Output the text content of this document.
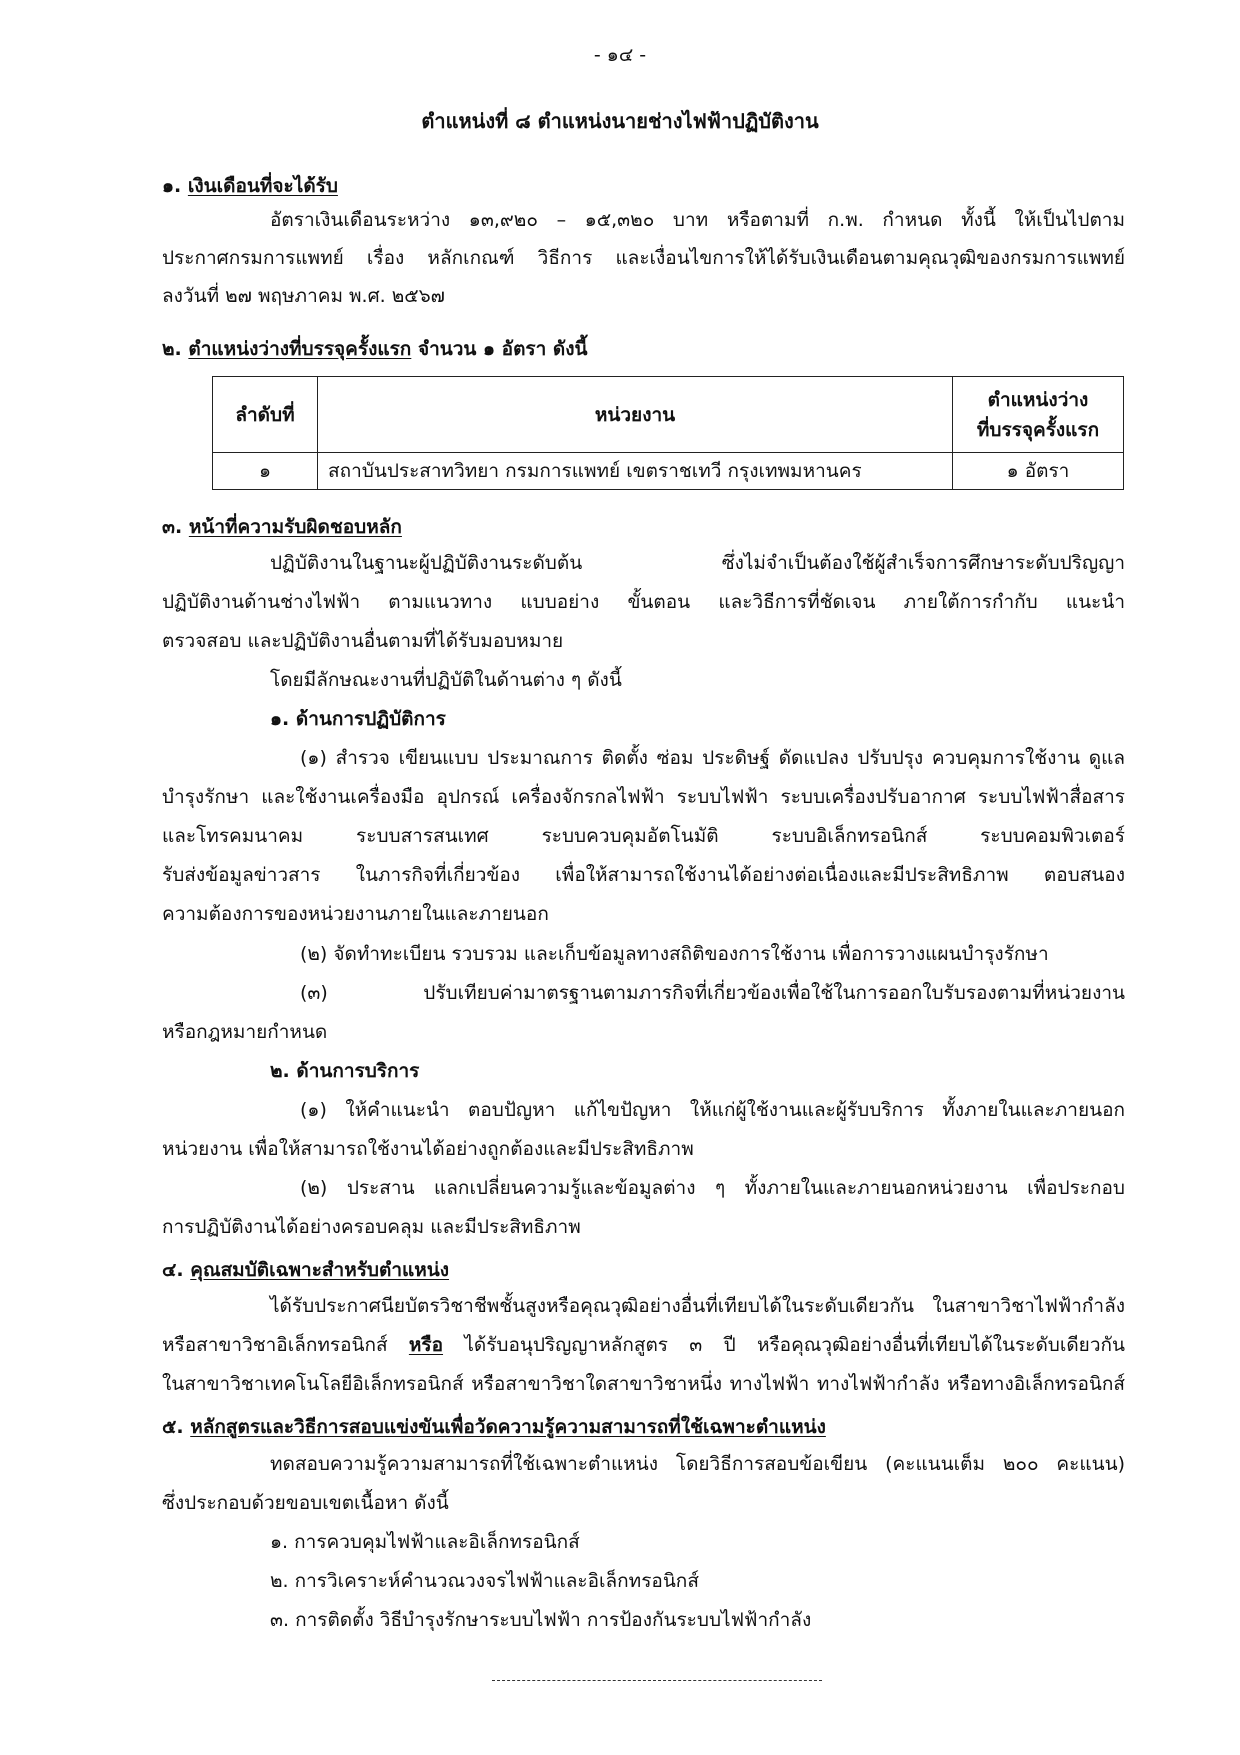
- ๑๔ -
ตำแหน่งที่ ๘ ตำแหน่งนายช่างไฟฟ้าปฏิบัติงาน
๑. เงินเดือนที่จะได้รับ
อัตราเงินเดือนระหว่าง ๑๓,๙๒๐ – ๑๕,๓๒๐ บาท หรือตามที่ ก.พ. กำหนด ทั้งนี้ ให้เป็นไปตาม
ประกาศกรมการแพทย์ เรื่อง หลักเกณฑ์ วิธีการ และเงื่อนไขการให้ได้รับเงินเดือนตามคุณวุฒิของกรมการแพทย์
ลงวันที่ ๒๗ พฤษภาคม พ.ศ. ๒๕๖๗
๒. ตำแหน่งว่างที่บรรจุครั้งแรก จำนวน ๑ อัตรา ดังนี้
ลำดับที่	หน่วยงาน	ตำแหน่งว่าง
ที่บรรจุครั้งแรก

๑	สถาบันประสาทวิทยา กรมการแพทย์ เขตราชเทวี กรุงเทพมหานคร	๑ อัตรา
๓. หน้าที่ความรับผิดชอบหลัก
ปฏิบัติงานในฐานะผู้ปฏิบัติงานระดับต้น ซึ่งไม่จำเป็นต้องใช้ผู้สำเร็จการศึกษาระดับปริญญา
ปฏิบัติงานด้านช่างไฟฟ้า ตามแนวทาง แบบอย่าง ขั้นตอน และวิธีการที่ชัดเจน ภายใต้การกำกับ แนะนำ
ตรวจสอบ และปฏิบัติงานอื่นตามที่ได้รับมอบหมาย
โดยมีลักษณะงานที่ปฏิบัติในด้านต่าง ๆ ดังนี้
๑. ด้านการปฏิบัติการ
(๑) สำรวจ เขียนแบบ ประมาณการ ติดตั้ง ซ่อม ประดิษฐ์ ดัดแปลง ปรับปรุง ควบคุมการใช้งาน ดูแล
บำรุงรักษา และใช้งานเครื่องมือ อุปกรณ์ เครื่องจักรกลไฟฟ้า ระบบไฟฟ้า ระบบเครื่องปรับอากาศ ระบบไฟฟ้าสื่อสาร
และโทรคมนาคม ระบบสารสนเทศ ระบบควบคุมอัตโนมัติ ระบบอิเล็กทรอนิกส์ ระบบคอมพิวเตอร์
รับส่งข้อมูลข่าวสาร ในภารกิจที่เกี่ยวข้อง เพื่อให้สามารถใช้งานได้อย่างต่อเนื่องและมีประสิทธิภาพ ตอบสนอง
ความต้องการของหน่วยงานภายในและภายนอก
(๒) จัดทำทะเบียน รวบรวม และเก็บข้อมูลทางสถิติของการใช้งาน เพื่อการวางแผนบำรุงรักษา
(๓) ปรับเทียบค่ามาตรฐานตามภารกิจที่เกี่ยวข้องเพื่อใช้ในการออกใบรับรองตามที่หน่วยงาน
หรือกฎหมายกำหนด
๒. ด้านการบริการ
(๑) ให้คำแนะนำ ตอบปัญหา แก้ไขปัญหา ให้แก่ผู้ใช้งานและผู้รับบริการ ทั้งภายในและภายนอก
หน่วยงาน เพื่อให้สามารถใช้งานได้อย่างถูกต้องและมีประสิทธิภาพ
(๒) ประสาน แลกเปลี่ยนความรู้และข้อมูลต่าง ๆ ทั้งภายในและภายนอกหน่วยงาน เพื่อประกอบ
การปฏิบัติงานได้อย่างครอบคลุม และมีประสิทธิภาพ
๔. คุณสมบัติเฉพาะสำหรับตำแหน่ง
ได้รับประกาศนียบัตรวิชาชีพชั้นสูงหรือคุณวุฒิอย่างอื่นที่เทียบได้ในระดับเดียวกัน ในสาขาวิชาไฟฟ้ากำลัง
หรือสาขาวิชาอิเล็กทรอนิกส์ หรือ ได้รับอนุปริญญาหลักสูตร ๓ ปี หรือคุณวุฒิอย่างอื่นที่เทียบได้ในระดับเดียวกัน
ในสาขาวิชาเทคโนโลยีอิเล็กทรอนิกส์ หรือสาขาวิชาใดสาขาวิชาหนึ่ง ทางไฟฟ้า ทางไฟฟ้ากำลัง หรือทางอิเล็กทรอนิกส์
๕. หลักสูตรและวิธีการสอบแข่งขันเพื่อวัดความรู้ความสามารถที่ใช้เฉพาะตำแหน่ง
ทดสอบความรู้ความสามารถที่ใช้เฉพาะตำแหน่ง โดยวิธีการสอบข้อเขียน (คะแนนเต็ม ๒๐๐ คะแนน)
ซึ่งประกอบด้วยขอบเขตเนื้อหา ดังนี้
๑. การควบคุมไฟฟ้าและอิเล็กทรอนิกส์
๒. การวิเคราะห์คำนวณวงจรไฟฟ้าและอิเล็กทรอนิกส์
๓. การติดตั้ง วิธีบำรุงรักษาระบบไฟฟ้า การป้องกันระบบไฟฟ้ากำลัง
